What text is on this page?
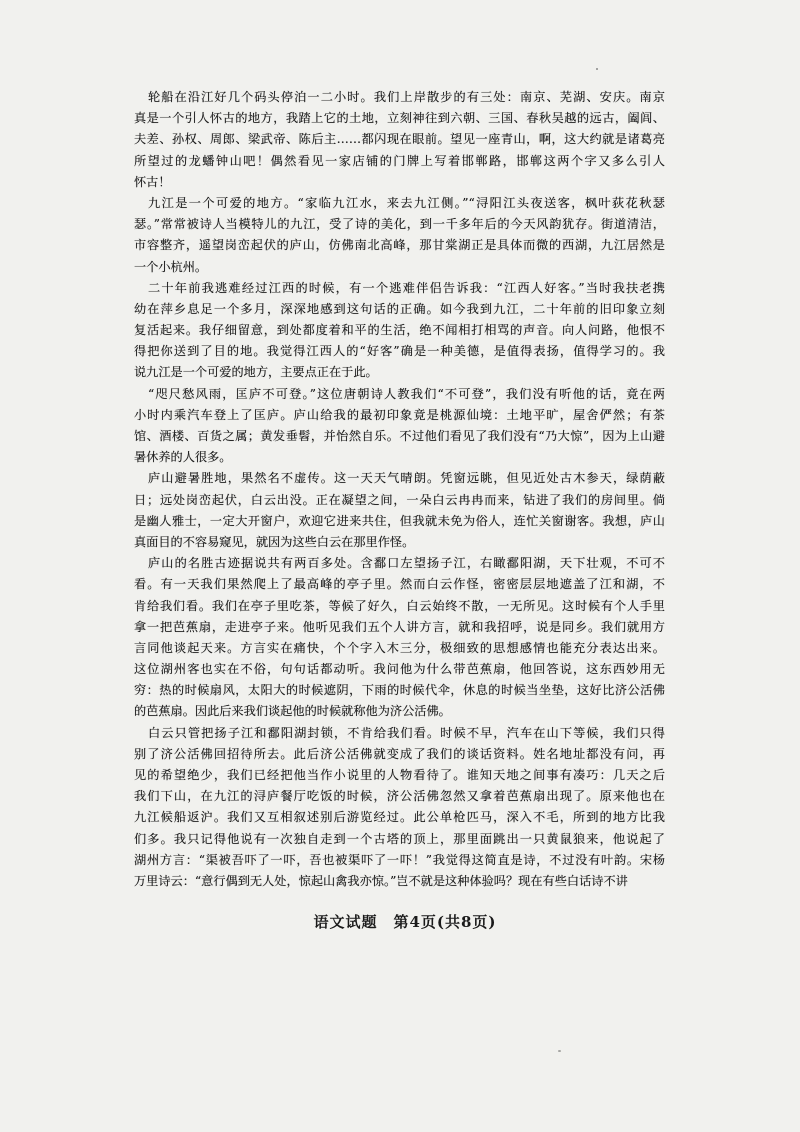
轮船在沿江好几个码头停泊一二小时。我们上岸散步的有三处：南京、芜湖、安庆。南京
真是一个引人怀古的地方，我踏上它的土地，立刻神往到六朝、三国、春秋吴越的远古，阖闾、
夫差、孙权、周郎、梁武帝、陈后主……都闪现在眼前。望见一座青山，啊，这大约就是诸葛亮
所望过的龙蟠钟山吧！偶然看见一家店铺的门牌上写着邯郸路，邯郸这两个字又多么引人
怀古！
九江是一个可爱的地方。“家临九江水，来去九江侧。”“浔阳江头夜送客，枫叶荻花秋瑟
瑟。”常常被诗人当模特儿的九江，受了诗的美化，到一千多年后的今天风韵犹存。街道清洁，
市容整齐，遥望岗峦起伏的庐山，仿佛南北高峰，那甘棠湖正是具体而微的西湖，九江居然是
一个小杭州。
二十年前我逃难经过江西的时候，有一个逃难伴侣告诉我：“江西人好客。”当时我扶老携
幼在萍乡息足一个多月，深深地感到这句话的正确。如今我到九江，二十年前的旧印象立刻
复活起来。我仔细留意，到处都度着和平的生活，绝不闻相打相骂的声音。向人问路，他恨不
得把你送到了目的地。我觉得江西人的“好客”确是一种美德，是值得表扬，值得学习的。我
说九江是一个可爱的地方，主要点正在于此。
“咫尺愁风雨，匡庐不可登。”这位唐朝诗人教我们“不可登”，我们没有听他的话，竟在两
小时内乘汽车登上了匡庐。庐山给我的最初印象竟是桃源仙境：土地平旷，屋舍俨然；有茶
馆、酒楼、百货之属；黄发垂髫，并怡然自乐。不过他们看见了我们没有“乃大惊”，因为上山避
暑休养的人很多。
庐山避暑胜地，果然名不虚传。这一天天气晴朗。凭窗远眺，但见近处古木参天，绿荫蔽
日；远处岗峦起伏，白云出没。正在凝望之间，一朵白云冉冉而来，钻进了我们的房间里。倘
是幽人雅士，一定大开窗户，欢迎它进来共住，但我就未免为俗人，连忙关窗谢客。我想，庐山
真面目的不容易窥见，就因为这些白云在那里作怪。
庐山的名胜古迹据说共有两百多处。含鄱口左望扬子江，右瞰鄱阳湖，天下壮观，不可不
看。有一天我们果然爬上了最高峰的亭子里。然而白云作怪，密密层层地遮盖了江和湖，不
肯给我们看。我们在亭子里吃茶，等候了好久，白云始终不散，一无所见。这时候有个人手里
拿一把芭蕉扇，走进亭子来。他听见我们五个人讲方言，就和我招呼，说是同乡。我们就用方
言同他谈起天来。方言实在痛快，个个字入木三分，极细致的思想感情也能充分表达出来。
这位湖州客也实在不俗，句句话都动听。我问他为什么带芭蕉扇，他回答说，这东西妙用无
穷：热的时候扇风，太阳大的时候遮阴，下雨的时候代伞，休息的时候当坐垫，这好比济公活佛
的芭蕉扇。因此后来我们谈起他的时候就称他为济公活佛。
白云只管把扬子江和鄱阳湖封锁，不肯给我们看。时候不早，汽车在山下等候，我们只得
别了济公活佛回招待所去。此后济公活佛就变成了我们的谈话资料。姓名地址都没有问，再
见的希望绝少，我们已经把他当作小说里的人物看待了。谁知天地之间事有凑巧：几天之后
我们下山，在九江的浔庐餐厅吃饭的时候，济公活佛忽然又拿着芭蕉扇出现了。原来他也在
九江候船返沪。我们又互相叙述别后游览经过。此公单枪匹马，深入不毛，所到的地方比我
们多。我只记得他说有一次独自走到一个古塔的顶上，那里面跳出一只黄鼠狼来，他说起了
湖州方言：“渠被吾吓了一吓，吾也被渠吓了一吓！”我觉得这简直是诗，不过没有叶韵。宋杨
万里诗云：“意行偶到无人处，惊起山禽我亦惊。”岂不就是这种体验吗？现在有些白话诗不讲
语文试题　第4页(共8页)
